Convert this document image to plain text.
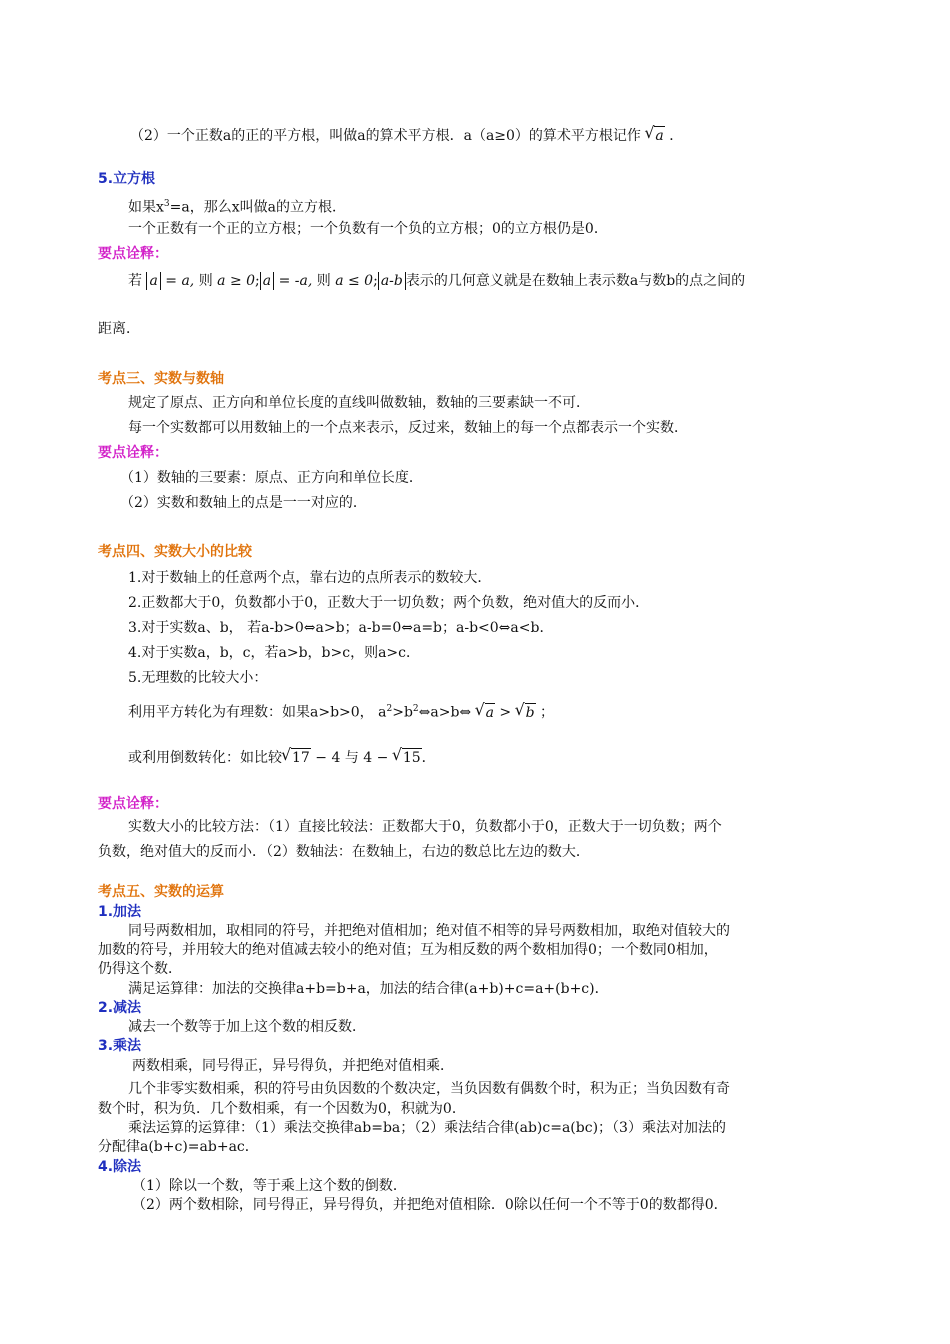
（2）一个正数a的正的平方根，叫做a的算术平方根．a（a≥0）的算术平方根记作 √ a ．
5.立方根
如果$x^3=a$，那么x叫做a的立方根．
一个正数有一个正的立方根；一个负数有一个负的立方根；0的立方根仍是0．
要点诠释：
若 a = a, 则 a ≥ 0; a = -a, 则 a ≤ 0; a-b 表示的几何意义就是在数轴上表示数a与数b的点之间的
距离．
考点三、实数与数轴
规定了原点、正方向和单位长度的直线叫做数轴，数轴的三要素缺一不可．
每一个实数都可以用数轴上的一个点来表示，反过来，数轴上的每一个点都表示一个实数．
要点诠释：
（1）数轴的三要素：原点、正方向和单位长度．
（2）实数和数轴上的点是一一对应的．
考点四、实数大小的比较
1.对于数轴上的任意两个点，靠右边的点所表示的数较大．
2.正数都大于0，负数都小于0，正数大于一切负数；两个负数，绝对值大的反而小．
3.对于实数a、b， 若a-b>0⇔a>b；a-b=0⇔a=b；a-b<0⇔a<b．
4.对于实数a，b，c，若a>b，b>c，则a>c．
5.无理数的比较大小：
利用平方转化为有理数：如果a>b>0， $a^2>b^2\Leftrightarrow a>b\Leftrightarrow$ √ a > √ b ；
或利用倒数转化：如比较 √ 17 − 4 与 4 − √ 15．
要点诠释：
实数大小的比较方法：（1）直接比较法：正数都大于0，负数都小于0，正数大于一切负数；两个
负数，绝对值大的反而小．（2）数轴法：在数轴上，右边的数总比左边的数大．
考点五、实数的运算
1.加法
同号两数相加，取相同的符号，并把绝对值相加；绝对值不相等的异号两数相加，取绝对值较大的
加数的符号，并用较大的绝对值减去较小的绝对值；互为相反数的两个数相加得0；一个数同0相加，
仍得这个数．
满足运算律：加法的交换律a+b=b+a，加法的结合律(a+b)+c=a+(b+c)．
2.减法
减去一个数等于加上这个数的相反数．
3.乘法
两数相乘，同号得正，异号得负，并把绝对值相乘．
几个非零实数相乘，积的符号由负因数的个数决定，当负因数有偶数个时，积为正；当负因数有奇
数个时，积为负．几个数相乘，有一个因数为0，积就为0．
乘法运算的运算律：（1）乘法交换律ab=ba；（2）乘法结合律(ab)c=a(bc)；（3）乘法对加法的
分配律a(b+c)=ab+ac．
4.除法
（1）除以一个数，等于乘上这个数的倒数．
（2）两个数相除，同号得正，异号得负，并把绝对值相除．0除以任何一个不等于0的数都得0．
